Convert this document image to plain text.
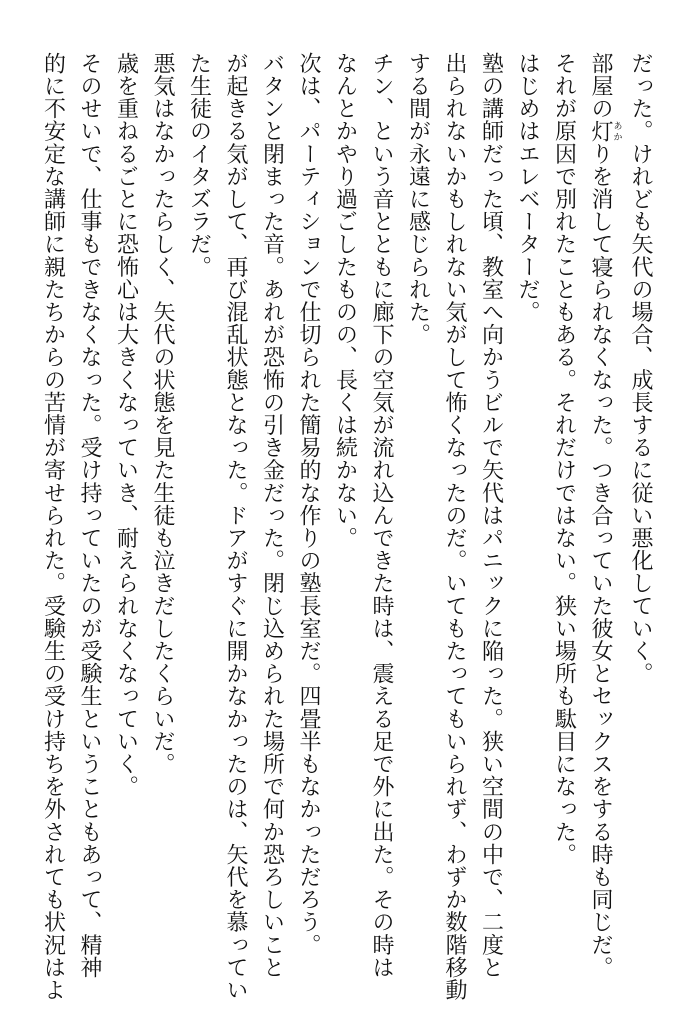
だった。けれども矢代の場合、成長するに従い悪化していく。
部屋の灯あかりを消して寝られなくなった。つき合っていた彼女とセックスをする時も同じだ。
それが原因で別れたこともある。それだけではない。狭い場所も駄目になった。
はじめはエレベーターだ。
塾の講師だった頃、教室へ向かうビルで矢代はパニックに陥った。狭い空間の中で、二度と
出られないかもしれない気がして怖くなったのだ。いてもたってもいられず、わずか数階移動
する間が永遠に感じられた。
チン、という音とともに廊下の空気が流れ込んできた時は、震える足で外に出た。その時は
なんとかやり過ごしたものの、長くは続かない。
次は、パーティションで仕切られた簡易的な作りの塾長室だ。四畳半もなかっただろう。
バタンと閉まった音。あれが恐怖の引き金だった。閉じ込められた場所で何か恐ろしいこと
が起きる気がして、再び混乱状態となった。ドアがすぐに開かなかったのは、矢代を慕ってい
た生徒のイタズラだ。
悪気はなかったらしく、矢代の状態を見た生徒も泣きだしたくらいだ。
歳を重ねるごとに恐怖心は大きくなっていき、耐えられなくなっていく。
そのせいで、仕事もできなくなった。受け持っていたのが受験生ということもあって、精神
的に不安定な講師に親たちからの苦情が寄せられた。受験生の受け持ちを外されても状況はよ
